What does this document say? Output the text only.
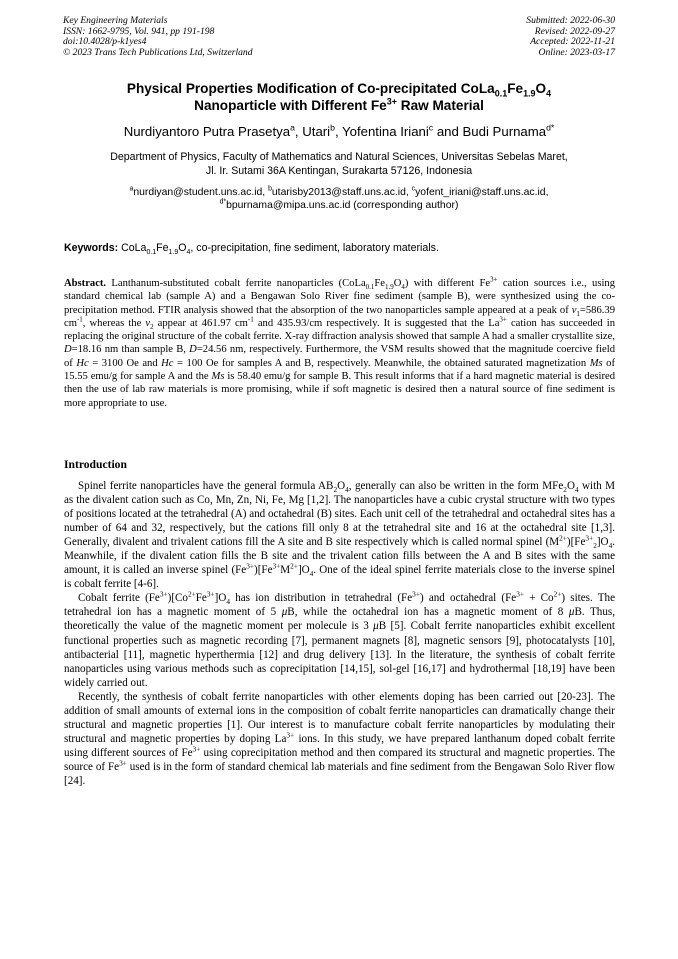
Key Engineering Materials
ISSN: 1662-9795, Vol. 941, pp 191-198
doi:10.4028/p-k1yes4
© 2023 Trans Tech Publications Ltd, Switzerland
Submitted: 2022-06-30
Revised: 2022-09-27
Accepted: 2022-11-21
Online: 2023-03-17
Physical Properties Modification of Co-precipitated $CoLa_{0.1}Fe_{1.9}O_4$
Nanoparticle with Different $Fe^{3+}$ Raw Material
Nurdiyantoro Putra Prasetya$^a$, Utari$^b$, Yofentina Iriani$^c$ and Budi Purnama$^{d*}$
Department of Physics, Faculty of Mathematics and Natural Sciences, Universitas Sebelas Maret,
Jl. Ir. Sutami 36A Kentingan, Surakarta 57126, Indonesia
$^a$nurdiyan@student.uns.ac.id, $^b$utarisby2013@staff.uns.ac.id, $^c$yofent_iriani@staff.uns.ac.id,
$^{d*}$bpurnama@mipa.uns.ac.id (corresponding author)
Keywords: $CoLa_{0.1}Fe_{1.9}O_4$, co-precipitation, fine sediment, laboratory materials.
Abstract. Lanthanum-substituted cobalt ferrite nanoparticles $(CoLa_{0.1}Fe_{1.9}O_4)$ with different $Fe^{3+}$ cation sources i.e., using standard chemical lab (sample A) and a Bengawan Solo River fine sediment (sample B), were synthesized using the co-precipitation method. FTIR analysis showed that the absorption of the two nanoparticles sample appeared at a peak of $\nu_1=586.39$ $cm^{-1}$, whereas the $\nu_2$ appear at 461.97 $cm^{-1}$ and 435.93/cm respectively. It is suggested that the $La^{3+}$ cation has succeeded in replacing the original structure of the cobalt ferrite. X-ray diffraction analysis showed that sample A had a smaller crystallite size, D=18.16 nm than sample B, D=24.56 nm, respectively. Furthermore, the VSM results showed that the magnitude coercive field of Hc = 3100 Oe and Hc = 100 Oe for samples A and B, respectively. Meanwhile, the obtained saturated magnetization Ms of 15.55 emu/g for sample A and the Ms is 58.40 emu/g for sample B. This result informs that if a hard magnetic material is desired then the use of lab raw materials is more promising, while if soft magnetic is desired then a natural source of fine sediment is more appropriate to use.
Introduction

Spinel ferrite nanoparticles have the general formula $AB_2O_4$, generally can also be written in the form $MFe_2O_4$ with M as the divalent cation such as Co, Mn, Zn, Ni, Fe, Mg [1,2]. The nanoparticles have a cubic crystal structure with two types of positions located at the tetrahedral (A) and octahedral (B) sites. Each unit cell of the tetrahedral and octahedral sites has a number of 64 and 32, respectively, but the cations fill only 8 at the tetrahedral site and 16 at the octahedral site [1,3]. Generally, divalent and trivalent cations fill the A site and B site respectively which is called normal spinel $(M^{2+})[Fe^{3+}_2]O_4$. Meanwhile, if the divalent cation fills the B site and the trivalent cation fills between the A and B sites with the same amount, it is called an inverse spinel $(Fe^{3+})[Fe^{3+}M^{2+}]O_4$. One of the ideal spinel ferrite materials close to the inverse spinel is cobalt ferrite [4-6].

Cobalt ferrite $(Fe^{3+})[Co^{2+}Fe^{3+}]O_4$ has ion distribution in tetrahedral $(Fe^{3+})$ and octahedral $(Fe^{3+} + Co^{2+})$ sites. The tetrahedral ion has a magnetic moment of 5 μB, while the octahedral ion has a magnetic moment of 8 μB. Thus, theoretically the value of the magnetic moment per molecule is 3 μB [5]. Cobalt ferrite nanoparticles exhibit excellent functional properties such as magnetic recording [7], permanent magnets [8], magnetic sensors [9], photocatalysts [10], antibacterial [11], magnetic hyperthermia [12] and drug delivery [13]. In the literature, the synthesis of cobalt ferrite nanoparticles using various methods such as coprecipitation [14,15], sol-gel [16,17] and hydrothermal [18,19] have been widely carried out.

Recently, the synthesis of cobalt ferrite nanoparticles with other elements doping has been carried out [20-23]. The addition of small amounts of external ions in the composition of cobalt ferrite nanoparticles can dramatically change their structural and magnetic properties [1]. Our interest is to manufacture cobalt ferrite nanoparticles by modulating their structural and magnetic properties by doping $La^{3+}$ ions. In this study, we have prepared lanthanum doped cobalt ferrite using different sources of $Fe^{3+}$ using coprecipitation method and then compared its structural and magnetic properties. The source of $Fe^{3+}$ used is in the form of standard chemical lab materials and fine sediment from the Bengawan Solo River flow [24].
